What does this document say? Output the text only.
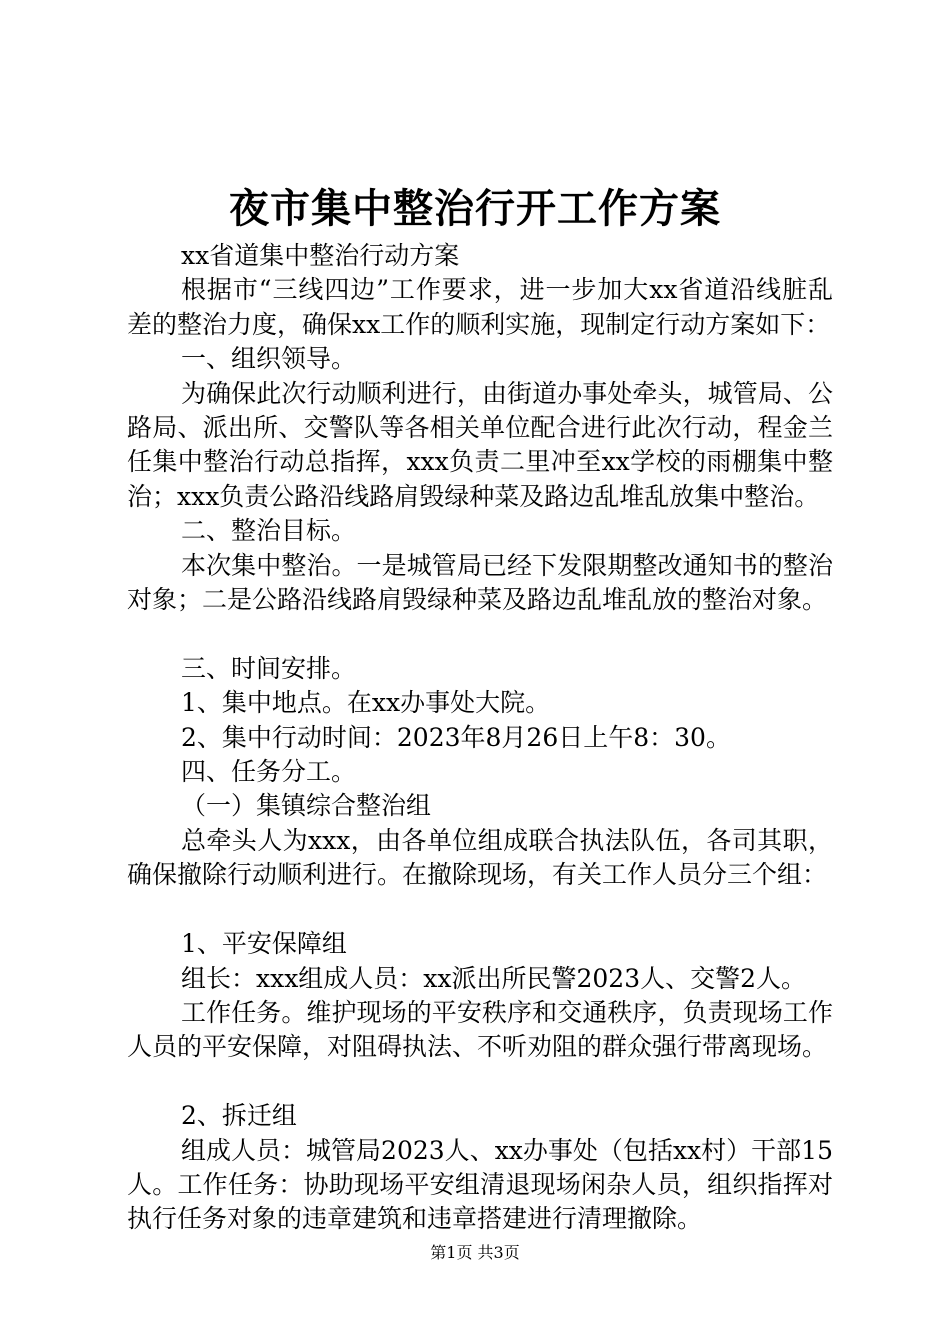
夜市集中整治行开工作方案

xx省道集中整治行动方案

根据市“三线四边”工作要求，进一步加大xx省道沿线脏乱差的整治力度，确保xx工作的顺利实施，现制定行动方案如下：

一、组织领导。

为确保此次行动顺利进行，由街道办事处牵头，城管局、公路局、派出所、交警队等各相关单位配合进行此次行动，程金兰任集中整治行动总指挥，xxx负责二里冲至xx学校的雨棚集中整治；xxx负责公路沿线路肩毁绿种菜及路边乱堆乱放集中整治。

二、整治目标。

本次集中整治。一是城管局已经下发限期整改通知书的整治对象；二是公路沿线路肩毁绿种菜及路边乱堆乱放的整治对象。

三、时间安排。

1、集中地点。在xx办事处大院。

2、集中行动时间：2023年8月26日上午8：30。

四、任务分工。

（一）集镇综合整治组

总牵头人为xxx，由各单位组成联合执法队伍，各司其职，确保撤除行动顺利进行。在撤除现场，有关工作人员分三个组：

1、平安保障组

组长：xxx组成人员：xx派出所民警2023人、交警2人。

工作任务。维护现场的平安秩序和交通秩序，负责现场工作人员的平安保障，对阻碍执法、不听劝阻的群众强行带离现场。

2、拆迁组

组成人员：城管局2023人、xx办事处（包括xx村）干部15人。工作任务：协助现场平安组清退现场闲杂人员，组织指挥对执行任务对象的违章建筑和违章搭建进行清理撤除。

第1页 共3页
